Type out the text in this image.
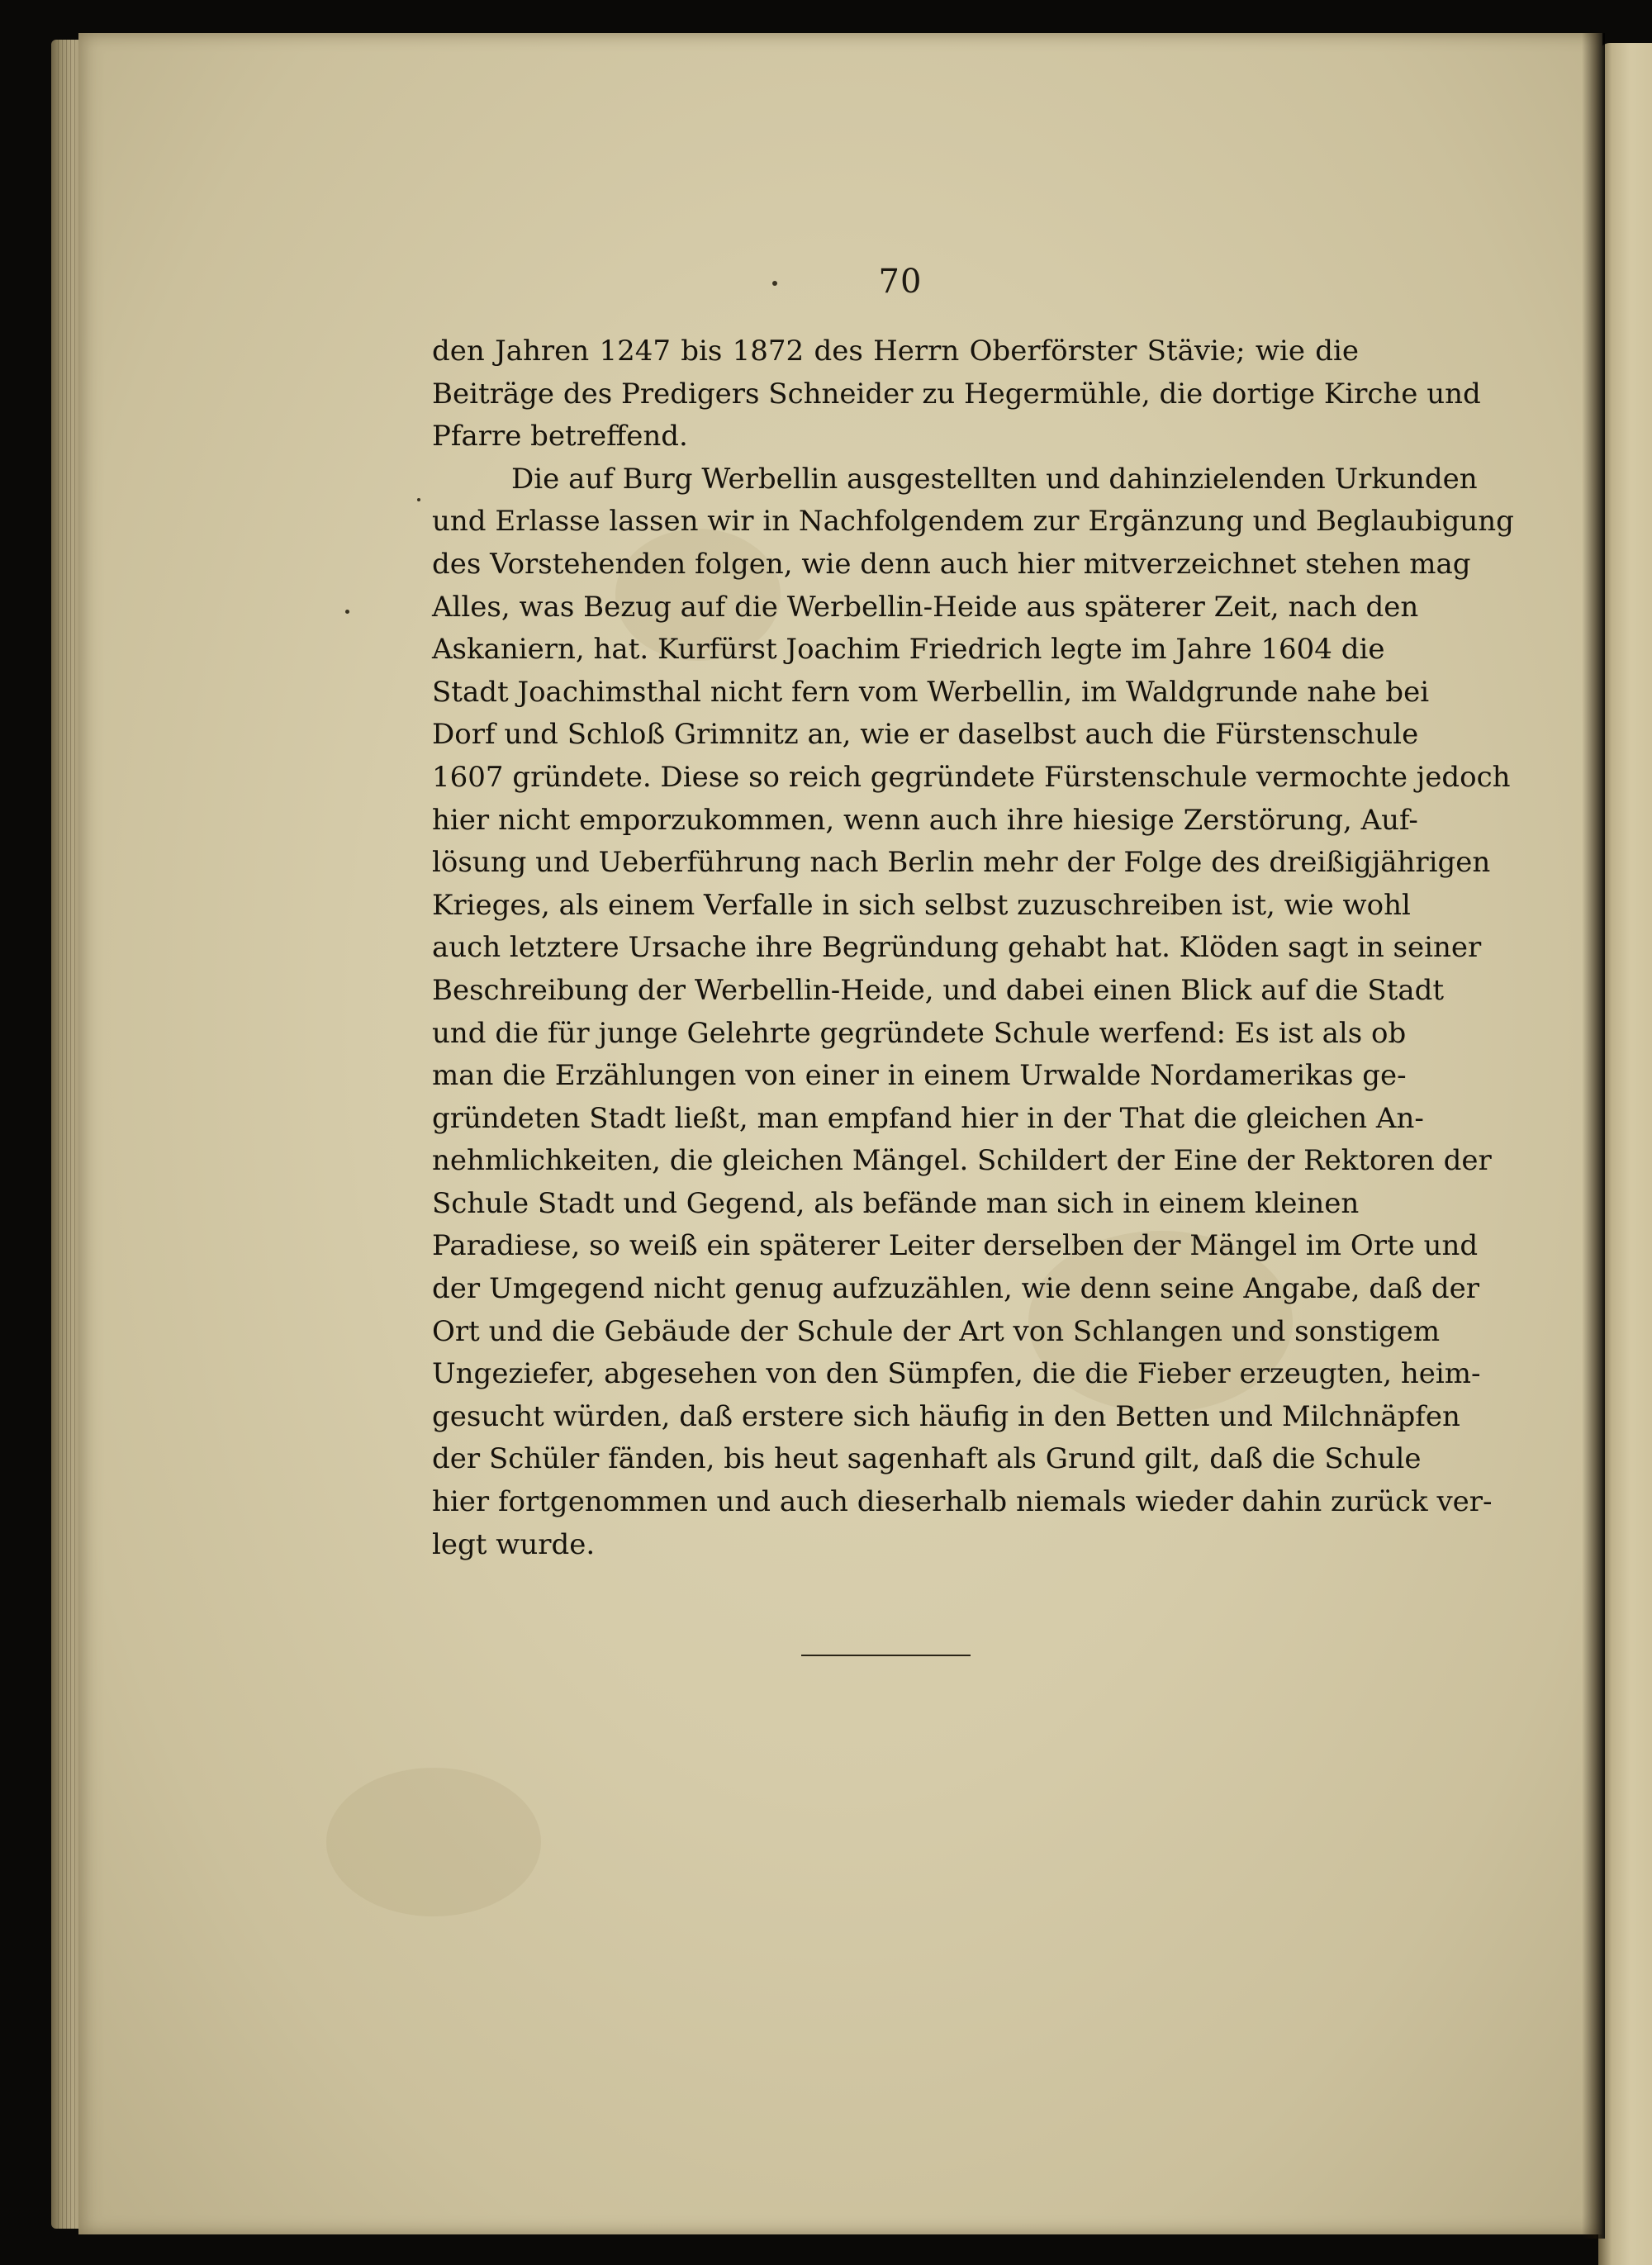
70
den Jahren 1247 bis 1872 des Herrn Oberförster Stävie; wie die
Beiträge des Predigers Schneider zu Hegermühle, die dortige Kirche und
Pfarre betreffend.
Die auf Burg Werbellin ausgestellten und dahinzielenden Urkunden
und Erlasse lassen wir in Nachfolgendem zur Ergänzung und Beglaubigung
des Vorstehenden folgen, wie denn auch hier mitverzeichnet stehen mag
Alles, was Bezug auf die Werbellin-Heide aus späterer Zeit, nach den
Askaniern, hat. Kurfürst Joachim Friedrich legte im Jahre 1604 die
Stadt Joachimsthal nicht fern vom Werbellin, im Waldgrunde nahe bei
Dorf und Schloß Grimnitz an, wie er daselbst auch die Fürstenschule
1607 gründete. Diese so reich gegründete Fürstenschule vermochte jedoch
hier nicht emporzukommen, wenn auch ihre hiesige Zerstörung, Auf-
lösung und Ueberführung nach Berlin mehr der Folge des dreißigjährigen
Krieges, als einem Verfalle in sich selbst zuzuschreiben ist, wie wohl
auch letztere Ursache ihre Begründung gehabt hat. Klöden sagt in seiner
Beschreibung der Werbellin-Heide, und dabei einen Blick auf die Stadt
und die für junge Gelehrte gegründete Schule werfend: Es ist als ob
man die Erzählungen von einer in einem Urwalde Nordamerikas ge-
gründeten Stadt ließt, man empfand hier in der That die gleichen An-
nehmlichkeiten, die gleichen Mängel. Schildert der Eine der Rektoren der
Schule Stadt und Gegend, als befände man sich in einem kleinen
Paradiese, so weiß ein späterer Leiter derselben der Mängel im Orte und
der Umgegend nicht genug aufzuzählen, wie denn seine Angabe, daß der
Ort und die Gebäude der Schule der Art von Schlangen und sonstigem
Ungeziefer, abgesehen von den Sümpfen, die die Fieber erzeugten, heim-
gesucht würden, daß erstere sich häufig in den Betten und Milchnäpfen
der Schüler fänden, bis heut sagenhaft als Grund gilt, daß die Schule
hier fortgenommen und auch dieserhalb niemals wieder dahin zurück ver-
legt wurde.
